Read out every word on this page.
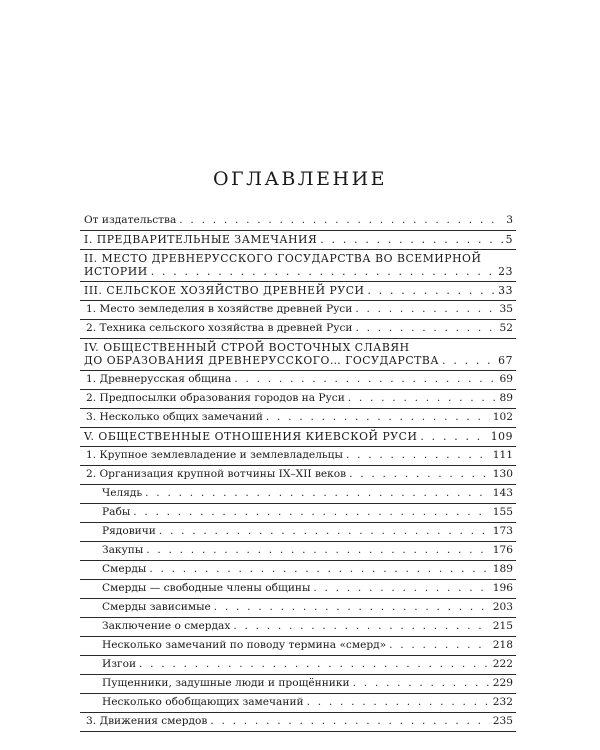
ОГЛАВЛЕНИЕ
От издательства . . .	3
I. ПРЕДВАРИТЕЛЬНЫЕ ЗАМЕЧАНИЯ . . .	5
II. МЕСТО ДРЕВНЕРУССКОГО ГОСУДАРСТВА ВО ВСЕМИРНОЙ
ИСТОРИИ . . .	23
III. СЕЛЬСКОЕ ХОЗЯЙСТВО ДРЕВНЕЙ РУСИ . . .	33
1. Место земледелия в хозяйстве древней Руси . . .	35
2. Техника сельского хозяйства в древней Руси . . .	52
IV. ОБЩЕСТВЕННЫЙ СТРОЙ ВОСТОЧНЫХ СЛАВЯН
ДО ОБРАЗОВАНИЯ ДРЕВНЕРУССКОГО… ГОСУДАРСТВА . . .	67
1. Древнерусская община . . .	69
2. Предпосылки образования городов на Руси . . .	89
3. Несколько общих замечаний . . .	102
V. ОБЩЕСТВЕННЫЕ ОТНОШЕНИЯ КИЕВСКОЙ РУСИ . . .	109
1. Крупное землевладение и землевладельцы . . .	111
2. Организация крупной вотчины IX–XII веков . . .	130
Челядь . . .	143
Рабы . . .	155
Рядовичи . . .	173
Закупы . . .	176
Смерды . . .	189
Смерды — свободные члены общины . . .	196
Смерды зависимые . . .	203
Заключение о смердах . . .	215
Несколько замечаний по поводу термина «смерд» . . .	218
Изгои . . .	222
Пущенники, задушные люди и прощённики . . .	229
Несколько обобщающих замечаний . . .	232
3. Движения смердов . . .	235
